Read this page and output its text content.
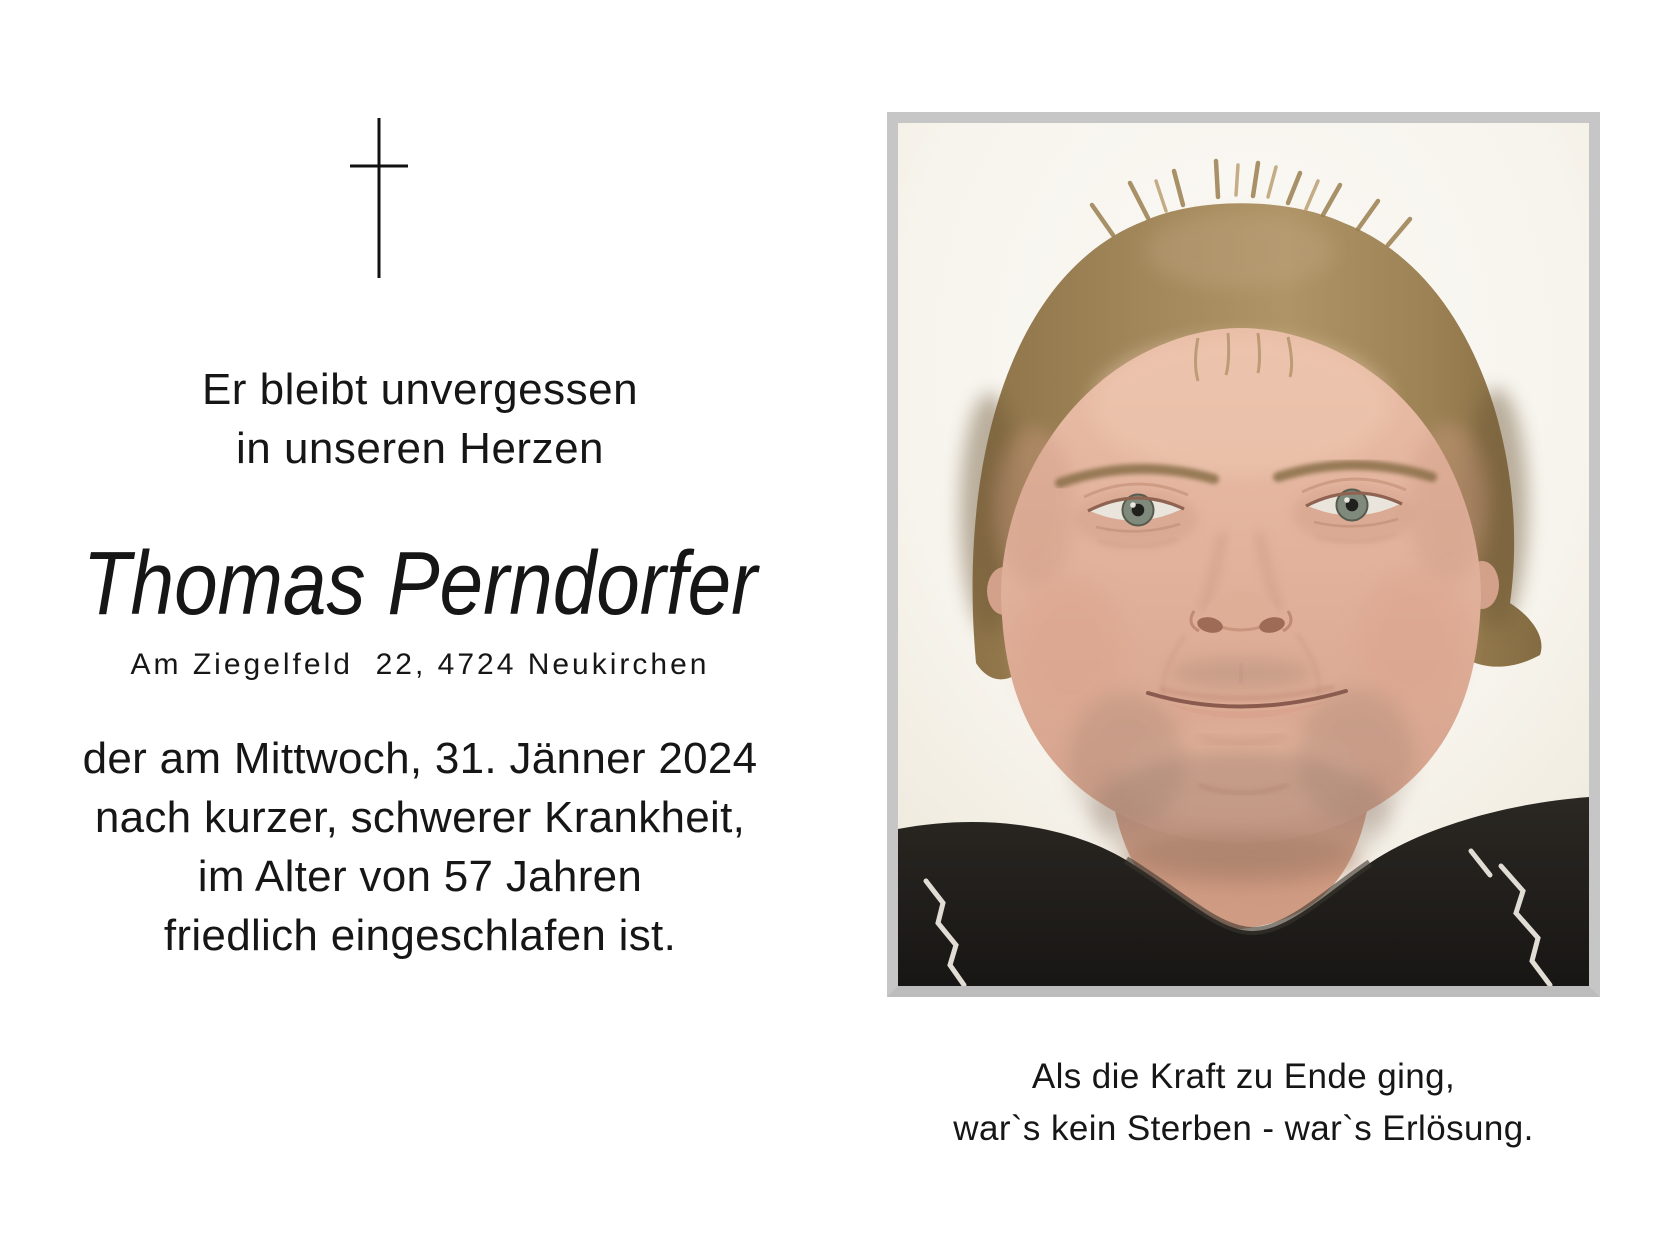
Er bleibt unvergessen
in unseren Herzen
Thomas Perndorfer
Am Ziegelfeld  22, 4724 Neukirchen
der am Mittwoch, 31. Jänner 2024
nach kurzer, schwerer Krankheit,
im Alter von 57 Jahren
friedlich eingeschlafen ist.
Als die Kraft zu Ende ging,
war`s kein Sterben - war`s Erlösung.
